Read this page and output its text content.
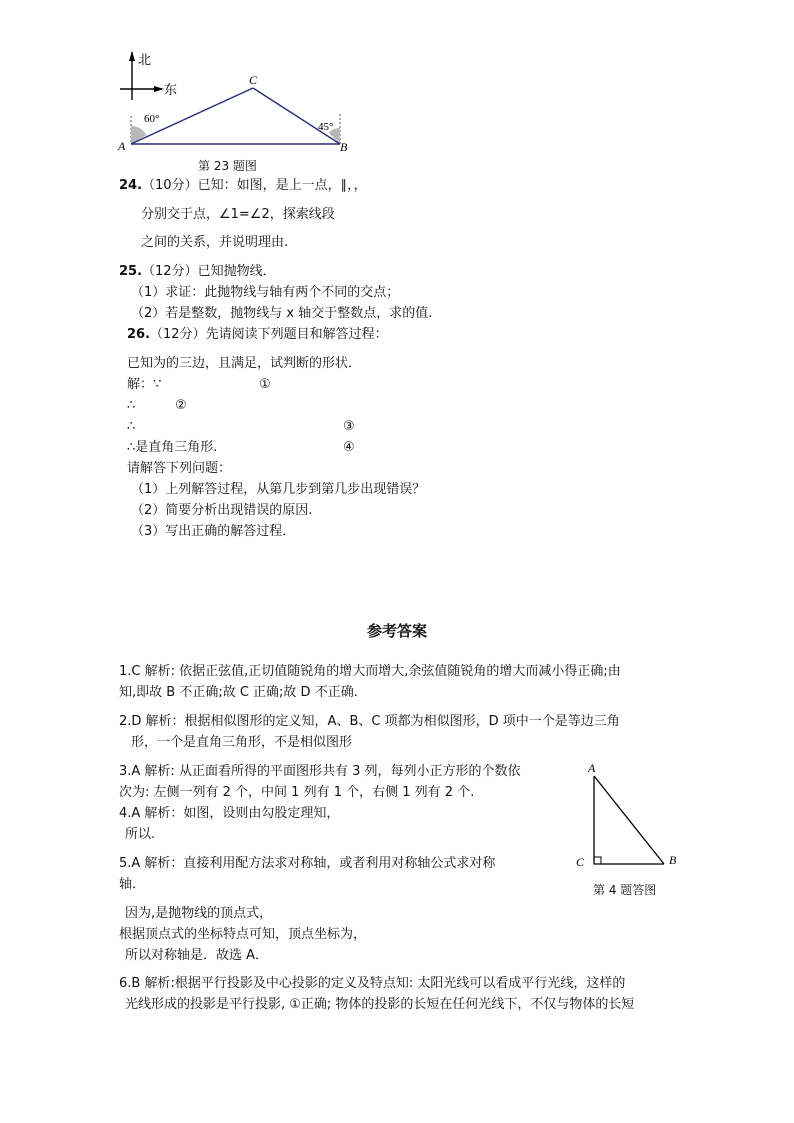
北
东
60°
45°
A	B
C
第 23 题图
24.（10分）已知：如图，是上一点，∥，，
分别交于点，∠1=∠2，探索线段
之间的关系，并说明理由.
25.（12分）已知抛物线．
（1）求证：此抛物线与轴有两个不同的交点；
（2）若是整数，抛物线与 x 轴交于整数点，求的值.
26.（12分）先请阅读下列题目和解答过程：
已知为的三边，且满足，试判断的形状．
解：∵	①
∴	②
∴	③
∴是直角三角形.	④
请解答下列问题：
（1）上列解答过程，从第几步到第几步出现错误？
（2）简要分析出现错误的原因.
（3）写出正确的解答过程．
参考答案
1.C 解析: 依据正弦值,正切值随锐角的增大而增大,余弦值随锐角的增大而减小得正确;由
知,即故 B 不正确;故 C 正确;故 D 不正确.
2.D 解析：根据相似图形的定义知，A、B、C 项都为相似图形，D 项中一个是等边三角
形，一个是直角三角形，不是相似图形
3.A 解析: 从正面看所得的平面图形共有 3 列，每列小正方形的个数依
次为: 左侧一列有 2 个，中间 1 列有 1 个，右侧 1 列有 2 个.
4.A 解析：如图，设则由勾股定理知，
所以.
5.A 解析：直接利用配方法求对称轴，或者利用对称轴公式求对称
轴．
因为,是抛物线的顶点式，
根据顶点式的坐标特点可知，顶点坐标为，
所以对称轴是．故选 A．
6.B 解析:根据平行投影及中心投影的定义及特点知: 太阳光线可以看成平行光线，这样的
光线形成的投影是平行投影, ①正确; 物体的投影的长短在任何光线下，不仅与物体的长短
A
C	B
第 4 题答图
